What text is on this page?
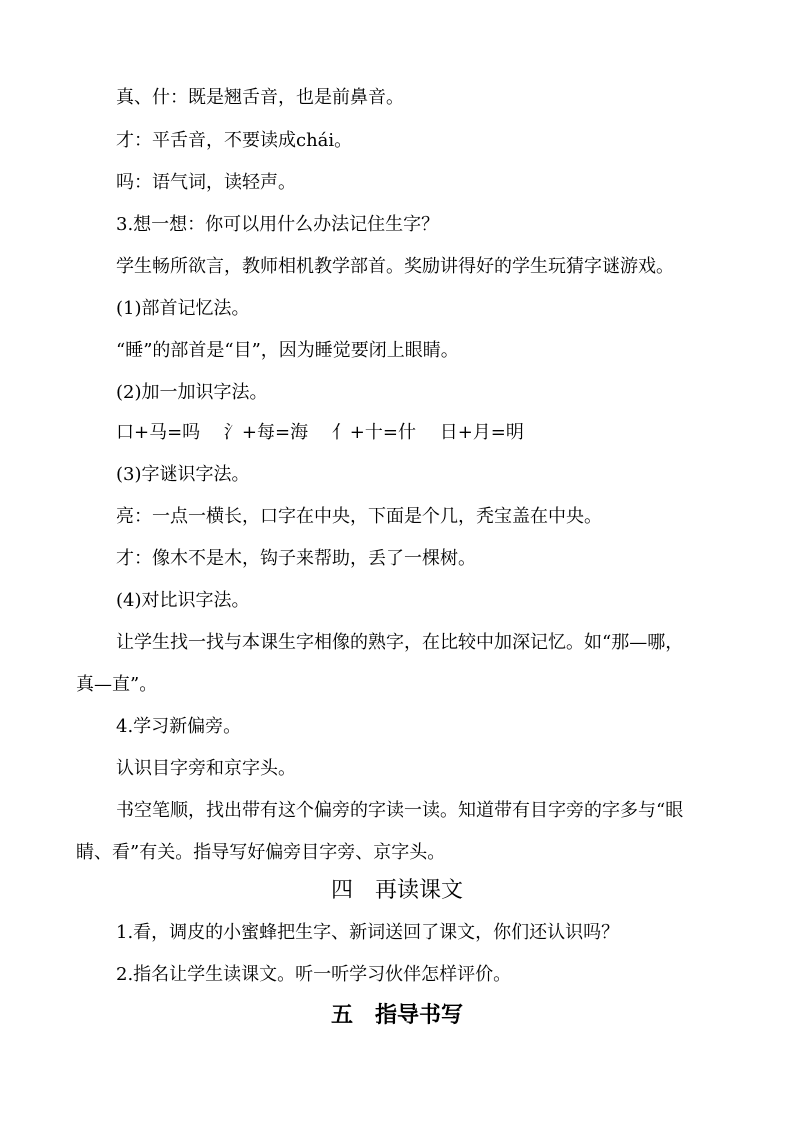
真、什：既是翘舌音，也是前鼻音。
才：平舌音，不要读成cһái。
吗：语气词，读轻声。
3.想一想：你可以用什么办法记住生字？
学生畅所欲言，教师相机教学部首。奖励讲得好的学生玩猜字谜游戏。
(1)部首记忆法。
“睡”的部首是“目”，因为睡觉要闭上眼睛。
(2)加一加识字法。
口+马=吗 氵+每=海 亻+十=什 日+月=明
(3)字谜识字法。
亮：一点一横长，口字在中央，下面是个几，秃宝盖在中央。
才：像木不是木，钩子来帮助，丢了一棵树。
(4)对比识字法。
让学生找一找与本课生字相像的熟字，在比较中加深记忆。如“那—哪，
真—直”。
4.学习新偏旁。
认识目字旁和京字头。
书空笔顺，找出带有这个偏旁的字读一读。知道带有目字旁的字多与“眼
睛、看”有关。指导写好偏旁目字旁、京字头。
四　再读课文
1.看，调皮的小蜜蜂把生字、新词送回了课文，你们还认识吗？
2.指名让学生读课文。听一听学习伙伴怎样评价。
五　指导书写
